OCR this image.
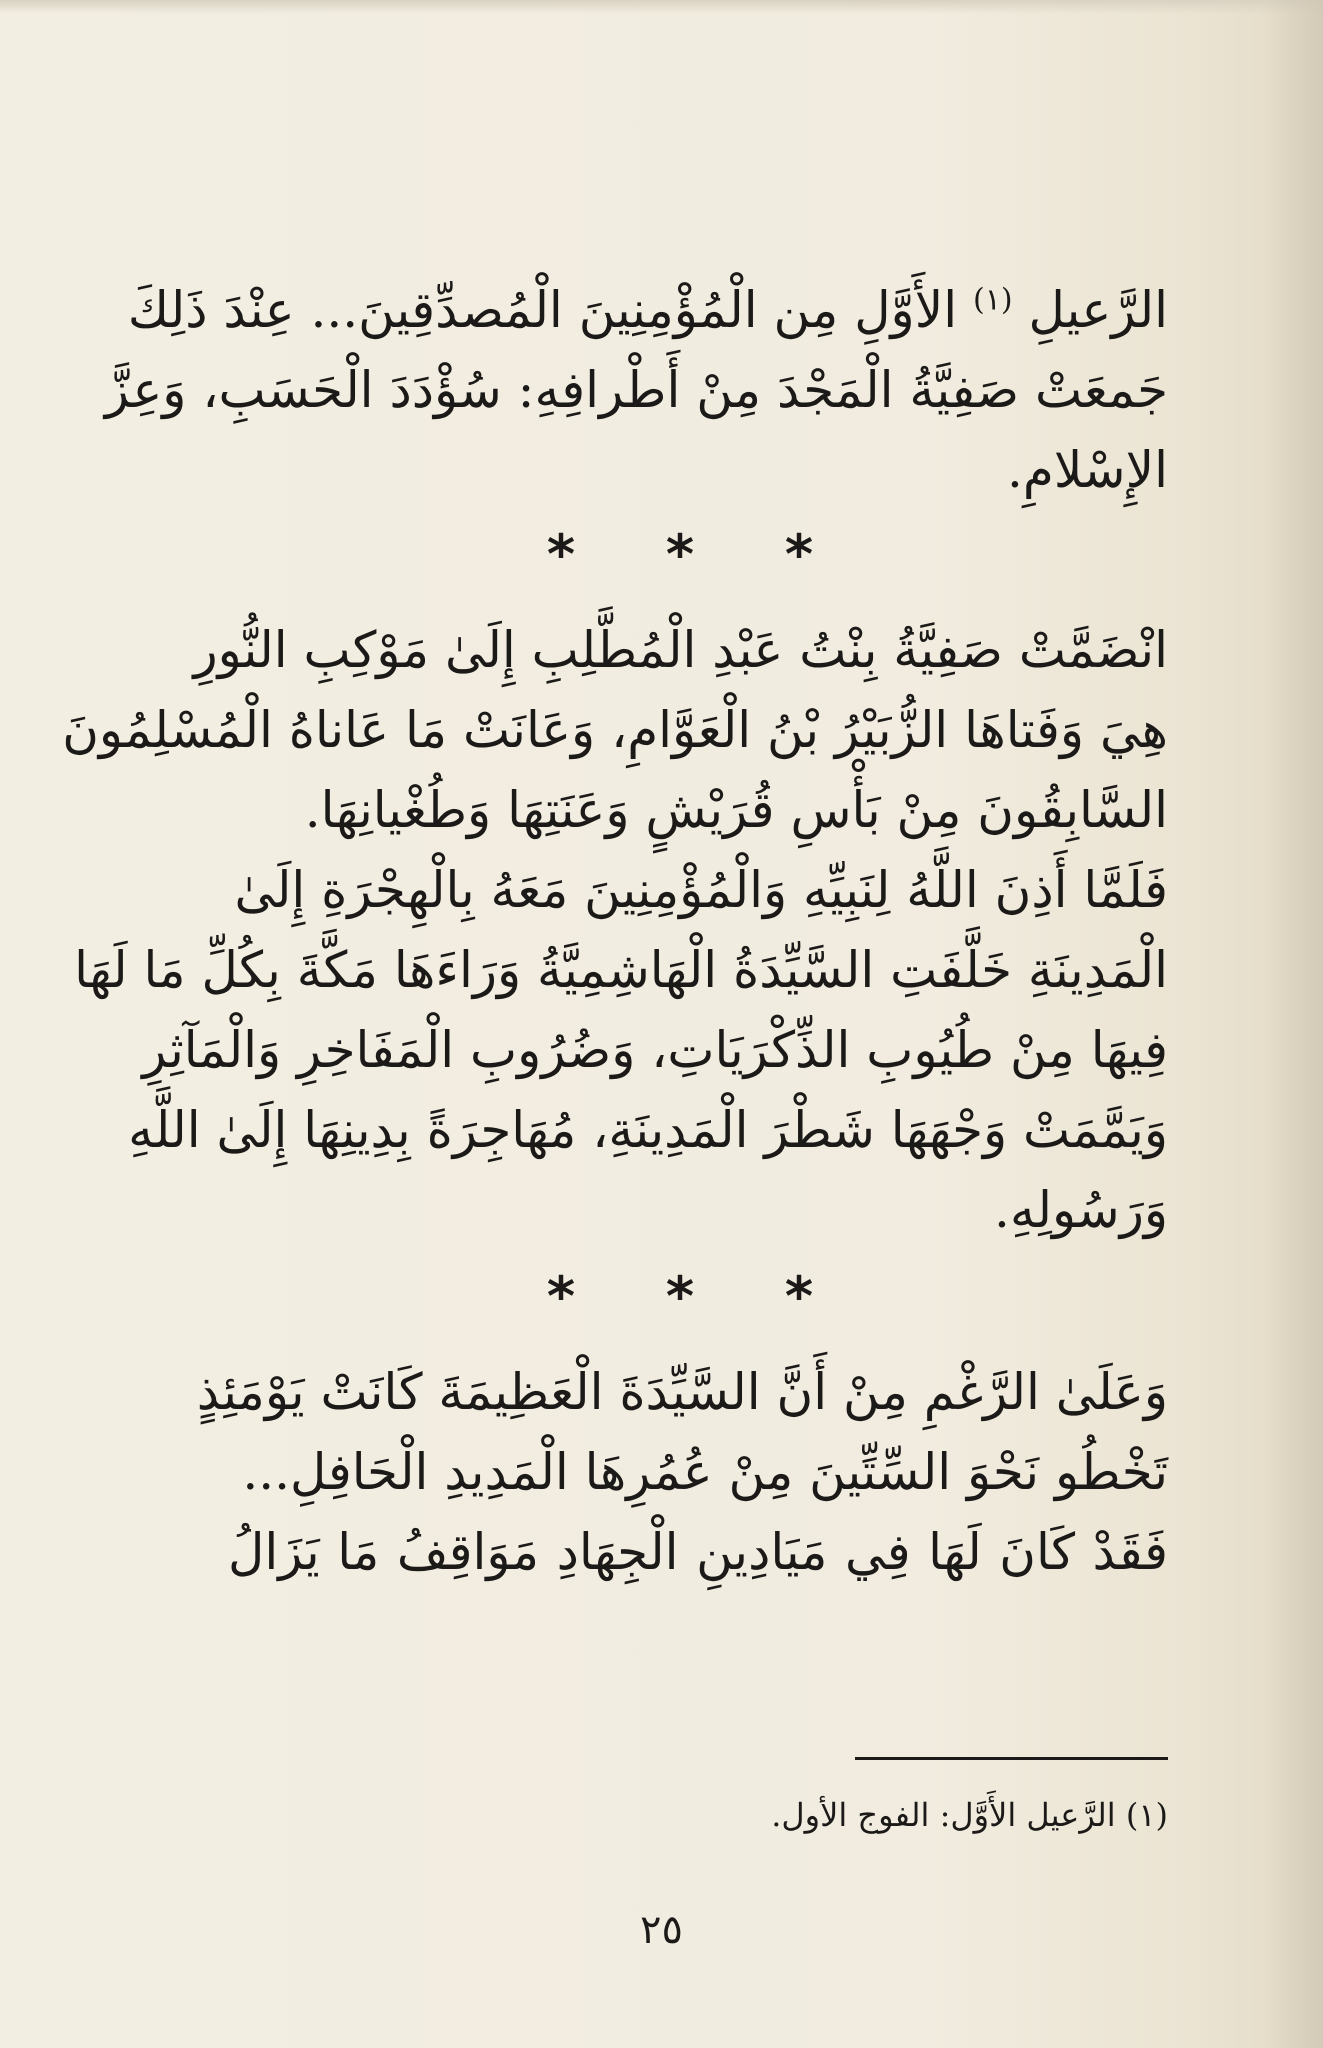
الرَّعيلِ $^{(١)}$ الأَوَّلِ مِن الْمُؤْمِنِينَ الْمُصدِّقِينَ... عِنْدَ ذَلِكَ
جَمعَتْ صَفِيَّةُ الْمَجْدَ مِنْ أَطْرافِهِ: سُؤْدَدَ الْحَسَبِ، وَعِزَّ
الإِسْلامِ.
* * *
انْضَمَّتْ صَفِيَّةُ بِنْتُ عَبْدِ الْمُطَّلِبِ إِلَىٰ مَوْكِبِ النُّورِ
هِيَ وَفَتاهَا الزُّبَيْرُ بْنُ الْعَوَّامِ، وَعَانَتْ مَا عَاناهُ الْمُسْلِمُونَ
السَّابِقُونَ مِنْ بَأْسِ قُرَيْشٍ وَعَنَتِهَا وَطُغْيانِهَا.
فَلَمَّا أَذِنَ اللَّهُ لِنَبِيِّهِ وَالْمُؤْمِنِينَ مَعَهُ بِالْهِجْرَةِ إِلَىٰ
الْمَدِينَةِ خَلَّفَتِ السَّيِّدَةُ الْهَاشِمِيَّةُ وَرَاءَهَا مَكَّةَ بِكُلِّ مَا لَهَا
فِيهَا مِنْ طُيُوبِ الذِّكْرَيَاتِ، وَضُرُوبِ الْمَفَاخِرِ وَالْمَآثِرِ
وَيَمَّمَتْ وَجْهَهَا شَطْرَ الْمَدِينَةِ، مُهَاجِرَةً بِدِينِهَا إِلَىٰ اللَّهِ
وَرَسُولِهِ.
* * *
وَعَلَىٰ الرَّغْمِ مِنْ أَنَّ السَّيِّدَةَ الْعَظِيمَةَ كَانَتْ يَوْمَئِذٍ
تَخْطُو نَحْوَ السِّتِّينَ مِنْ عُمُرِهَا الْمَدِيدِ الْحَافِلِ...
فَقَدْ كَانَ لَهَا فِي مَيَادِينِ الْجِهَادِ مَوَاقِفُ مَا يَزَالُ
(١) الرَّعيل الأَوَّل: الفوج الأول.
٢٥
